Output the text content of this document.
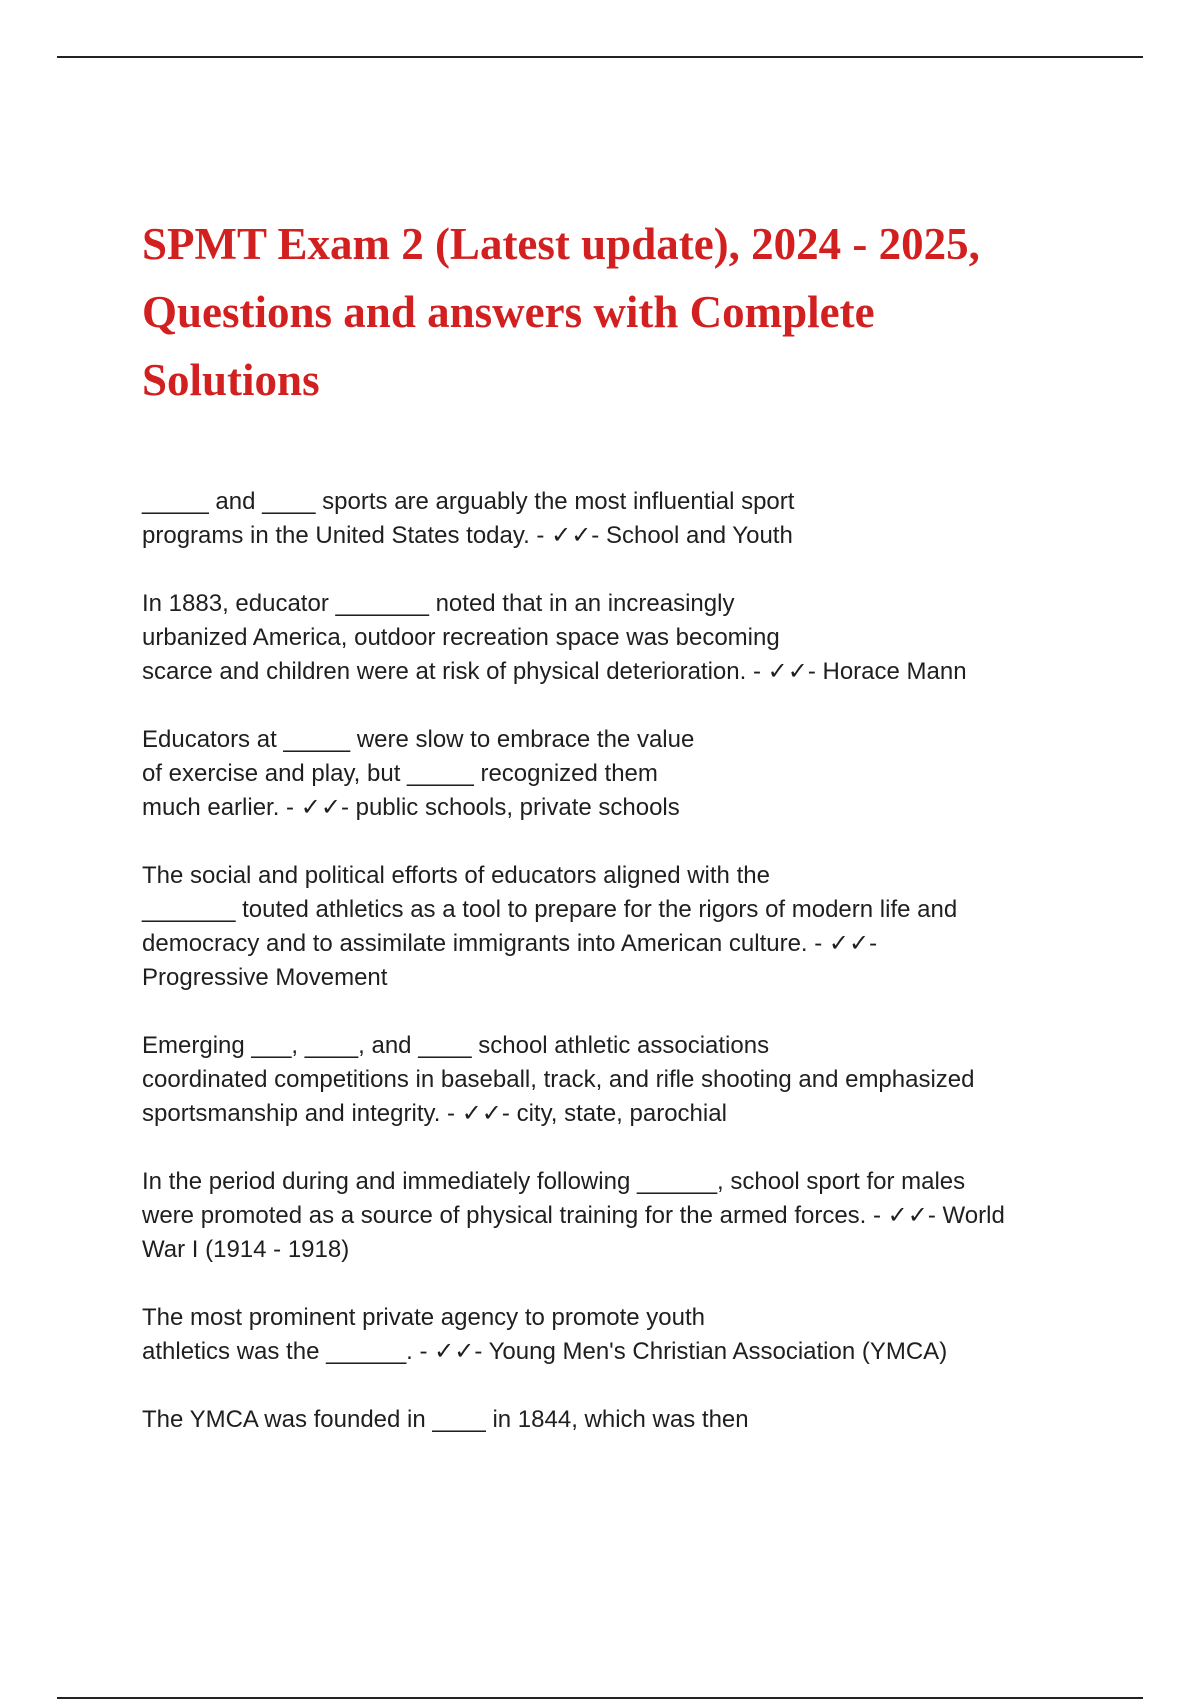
SPMT Exam 2 (Latest update), 2024 - 2025,
Questions and answers with Complete
Solutions

_____ and ____ sports are arguably the most influential sport
programs in the United States today. - ✓✓- School and Youth

In 1883, educator _______ noted that in an increasingly
urbanized America, outdoor recreation space was becoming
scarce and children were at risk of physical deterioration. - ✓✓- Horace Mann

Educators at _____ were slow to embrace the value
of exercise and play, but _____ recognized them
much earlier. - ✓✓- public schools, private schools

The social and political efforts of educators aligned with the
_______ touted athletics as a tool to prepare for the rigors of modern life and
democracy and to assimilate immigrants into American culture. - ✓✓-
Progressive Movement

Emerging ___, ____, and ____ school athletic associations
coordinated competitions in baseball, track, and rifle shooting and emphasized
sportsmanship and integrity. - ✓✓- city, state, parochial

In the period during and immediately following ______, school sport for males
were promoted as a source of physical training for the armed forces. - ✓✓- World
War I (1914 - 1918)

The most prominent private agency to promote youth
athletics was the ______. - ✓✓- Young Men's Christian Association (YMCA)

The YMCA was founded in ____ in 1844, which was then
